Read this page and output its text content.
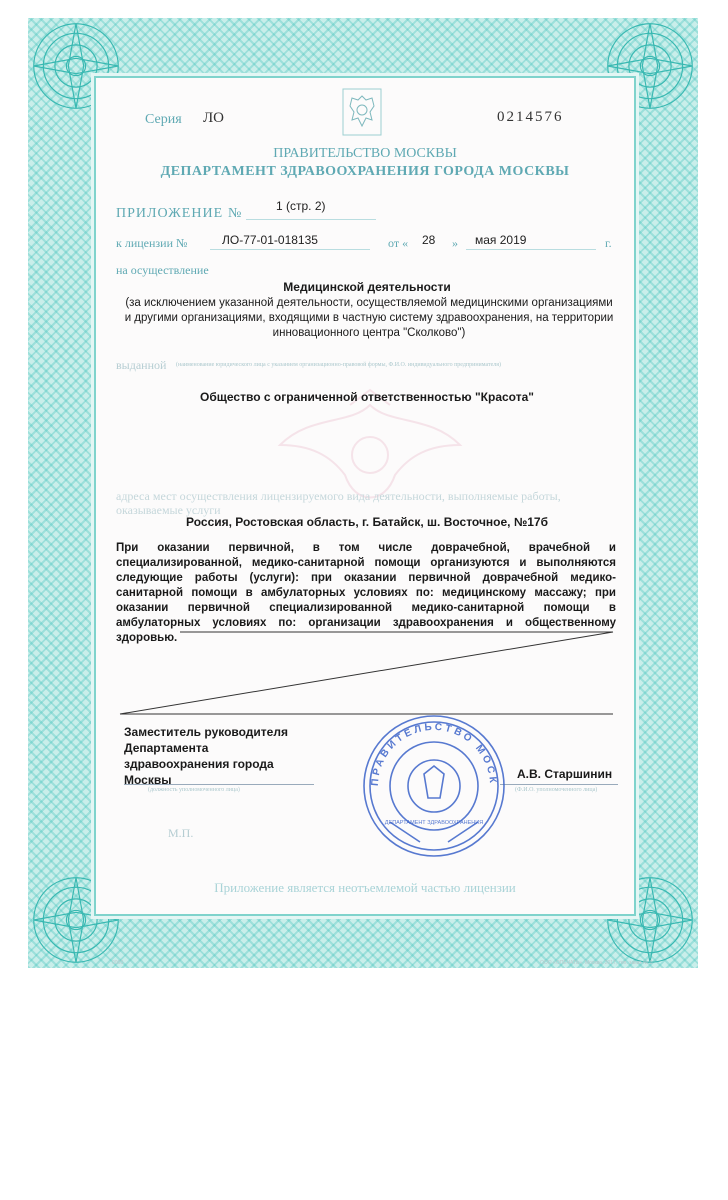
Серия ЛО	0214576
ПРАВИТЕЛЬСТВО МОСКВЫ
ДЕПАРТАМЕНТ ЗДРАВООХРАНЕНИЯ ГОРОДА МОСКВЫ
ПРИЛОЖЕНИЕ №	1 (стр. 2)
к лицензии №	ЛО-77-01-018135	от « 28 » мая 2019	г.
на осуществление
Медицинской деятельности
(за исключением указанной деятельности, осуществляемой медицинскими организациями и другими организациями, входящими в частную систему здравоохранения, на территории инновационного центра "Сколково")
выданной (наименование юридического лица с указанием организационно-правовой формы, Ф.И.О. индивидуального предпринимателя)
Общество с ограниченной ответственностью "Красота"
адреса мест осуществления лицензируемого вида деятельности, выполняемые работы, оказываемые услуги
Россия, Ростовская область, г. Батайск, ш. Восточное, №17б
При оказании первичной, в том числе доврачебной, врачебной и специализированной, медико-санитарной помощи организуются и выполняются следующие работы (услуги): при оказании первичной доврачебной медико-санитарной помощи в амбулаторных условиях по: медицинскому массажу; при оказании первичной специализированной медико-санитарной помощи в амбулаторных условиях по: организации здравоохранения и общественному здоровью.
Заместитель руководителя Департамента здравоохранения города Москвы
(должность уполномоченного лица)
А.В. Старшинин
(Ф.И.О. уполномоченного лица)
ПРАВИТЕЛЬСТВО МОСК
ДЕПАРТАМЕНТ ЗДРАВООХРАНЕНИЯ
М.П.
Приложение является неотъемлемой частью лицензии
0000	ООО «ОПЕЧАТЬ», Москва, 2017, тип. заказ № 0
